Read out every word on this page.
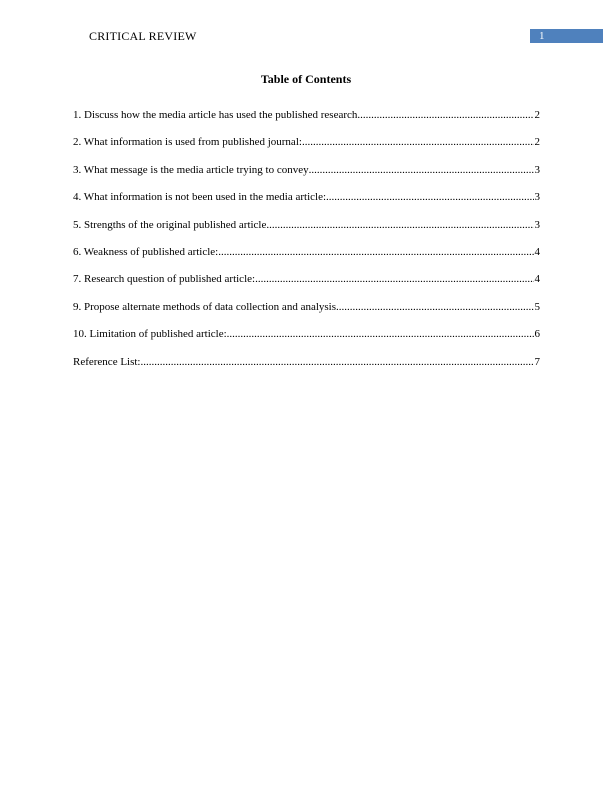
CRITICAL REVIEW	1
Table of Contents
1. Discuss how the media article has used the published research .....	2
2. What information is used from published journal: .....	2
3. What message is the media article trying to convey .....	3
4. What information is not been used in the media article: .....	3
5. Strengths of the original published article .....	3
6. Weakness of published article: .....	4
7. Research question of published article: .....	4
9. Propose alternate methods of data collection and analysis .....	5
10. Limitation of published article: .....	6
Reference List: .....	7
